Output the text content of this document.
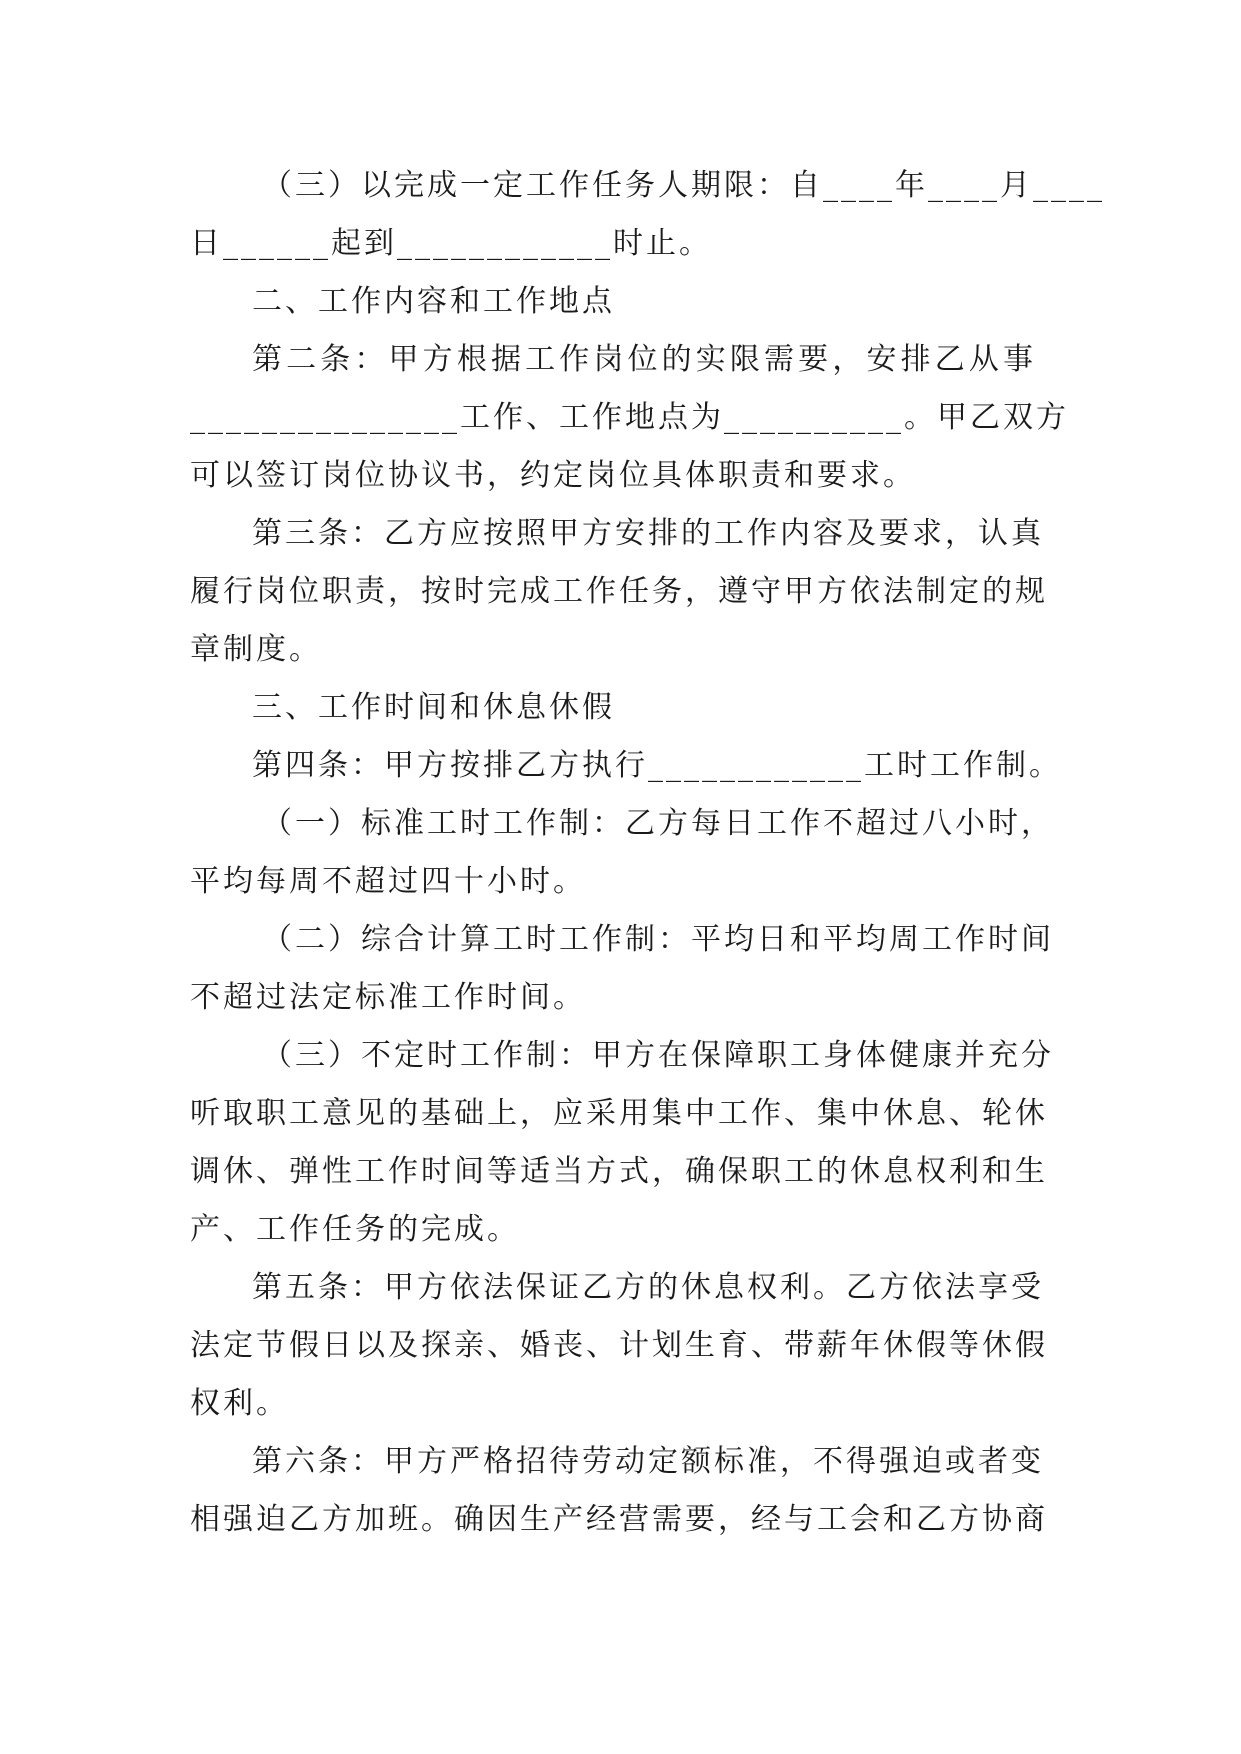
（三）以完成一定工作任务人期限：自____年____月____
日______起到____________时止。
二、工作内容和工作地点
第二条：甲方根据工作岗位的实限需要，安排乙从事
_______________工作、工作地点为__________。甲乙双方
可以签订岗位协议书，约定岗位具体职责和要求。
第三条：乙方应按照甲方安排的工作内容及要求，认真
履行岗位职责，按时完成工作任务，遵守甲方依法制定的规
章制度。
三、工作时间和休息休假
第四条：甲方按排乙方执行____________工时工作制。
（一）标准工时工作制：乙方每日工作不超过八小时，
平均每周不超过四十小时。
（二）综合计算工时工作制：平均日和平均周工作时间
不超过法定标准工作时间。
（三）不定时工作制：甲方在保障职工身体健康并充分
听取职工意见的基础上，应采用集中工作、集中休息、轮休
调休、弹性工作时间等适当方式，确保职工的休息权利和生
产、工作任务的完成。
第五条：甲方依法保证乙方的休息权利。乙方依法享受
法定节假日以及探亲、婚丧、计划生育、带薪年休假等休假
权利。
第六条：甲方严格招待劳动定额标准，不得强迫或者变
相强迫乙方加班。确因生产经营需要，经与工会和乙方协商
